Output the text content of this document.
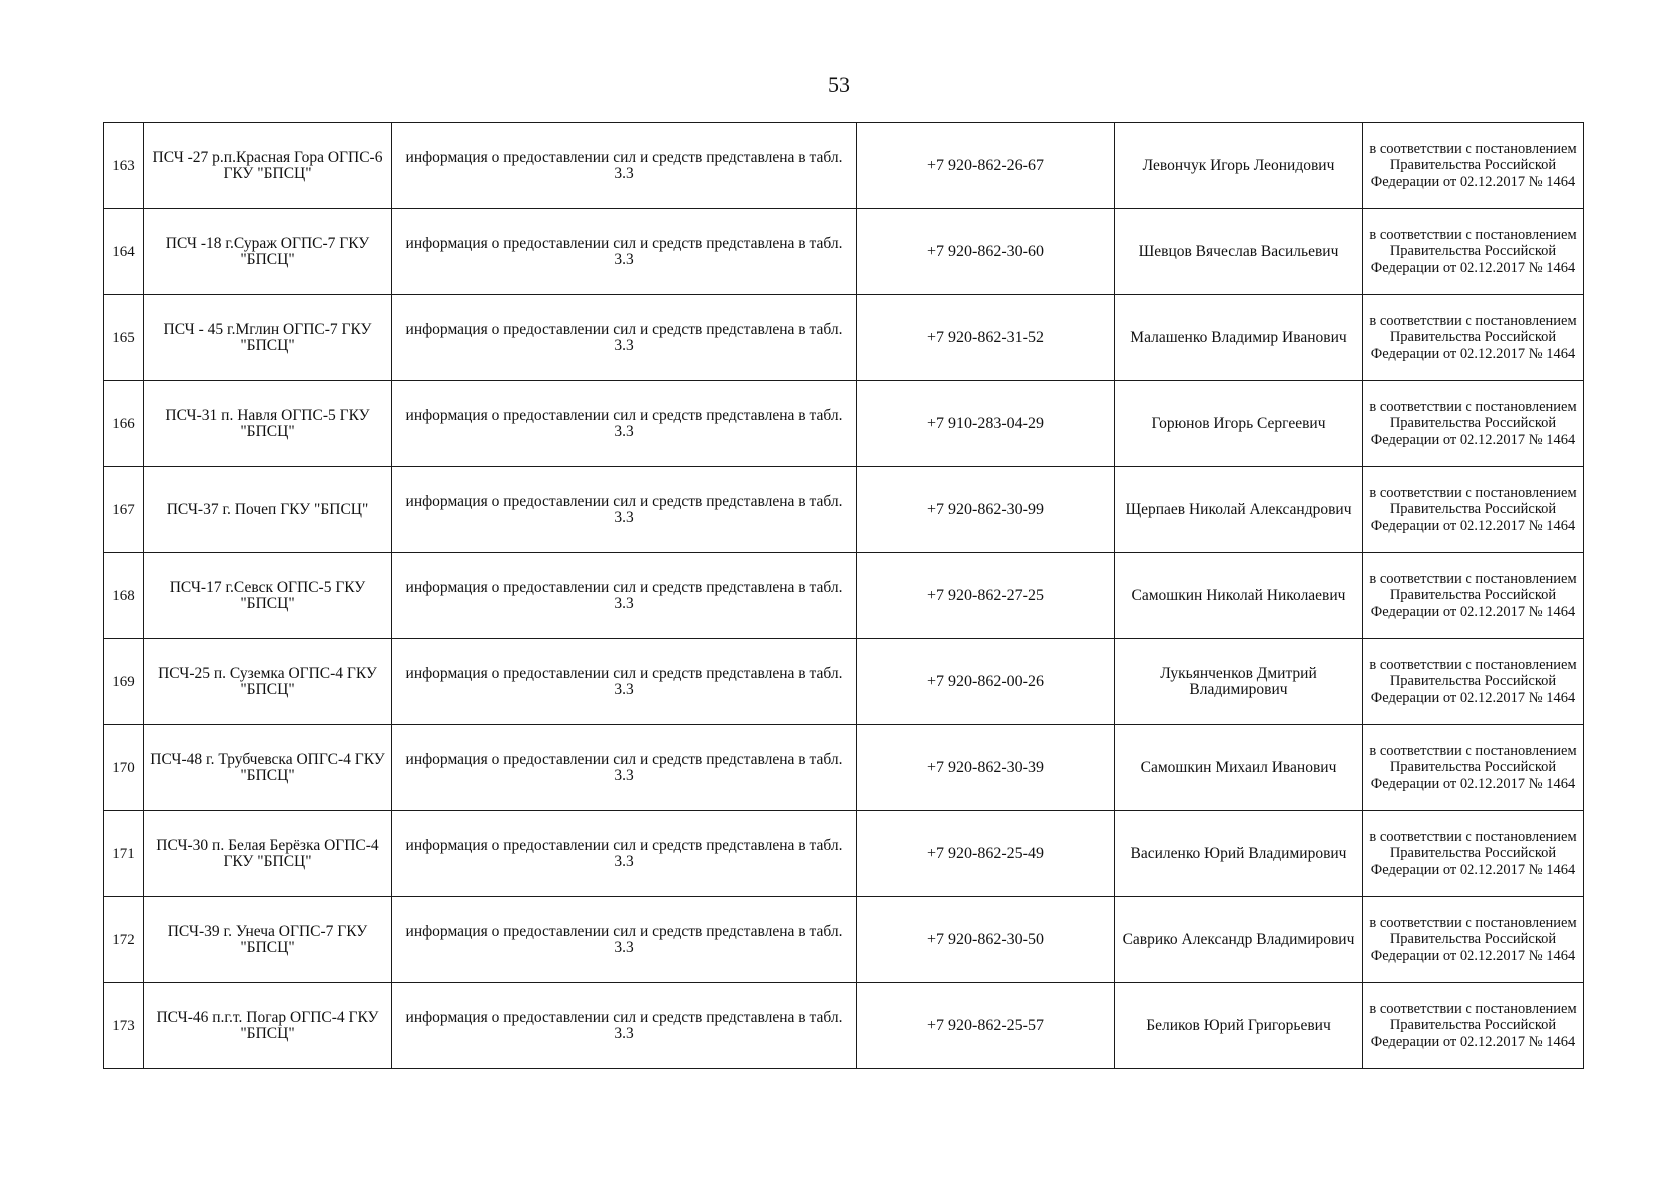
53
163	ПСЧ -27 р.п.Красная Гора ОГПС-6 ГКУ "БПСЦ"	информация о предоставлении сил и средств представлена в табл. 3.3	+7 920-862-26-67	Левончук Игорь Леонидович	в соответствии с постановлением Правительства Российской Федерации от 02.12.2017 № 1464
164	ПСЧ -18 г.Сураж ОГПС-7 ГКУ "БПСЦ"	информация о предоставлении сил и средств представлена в табл. 3.3	+7 920-862-30-60	Шевцов Вячеслав Васильевич	в соответствии с постановлением Правительства Российской Федерации от 02.12.2017 № 1464
165	ПСЧ - 45 г.Мглин ОГПС-7 ГКУ "БПСЦ"	информация о предоставлении сил и средств представлена в табл. 3.3	+7 920-862-31-52	Малашенко Владимир Иванович	в соответствии с постановлением Правительства Российской Федерации от 02.12.2017 № 1464
166	ПСЧ-31 п. Навля ОГПС-5 ГКУ "БПСЦ"	информация о предоставлении сил и средств представлена в табл. 3.3	+7 910-283-04-29	Горюнов Игорь Сергеевич	в соответствии с постановлением Правительства Российской Федерации от 02.12.2017 № 1464
167	ПСЧ-37 г. Почеп ГКУ "БПСЦ"	информация о предоставлении сил и средств представлена в табл. 3.3	+7 920-862-30-99	Щерпаев Николай Александрович	в соответствии с постановлением Правительства Российской Федерации от 02.12.2017 № 1464
168	ПСЧ-17 г.Севск ОГПС-5 ГКУ "БПСЦ"	информация о предоставлении сил и средств представлена в табл. 3.3	+7 920-862-27-25	Самошкин Николай Николаевич	в соответствии с постановлением Правительства Российской Федерации от 02.12.2017 № 1464
169	ПСЧ-25 п. Суземка ОГПС-4 ГКУ "БПСЦ"	информация о предоставлении сил и средств представлена в табл. 3.3	+7 920-862-00-26	Лукьянченков Дмитрий Владимирович	в соответствии с постановлением Правительства Российской Федерации от 02.12.2017 № 1464
170	ПСЧ-48 г. Трубчевска ОПГС-4 ГКУ "БПСЦ"	информация о предоставлении сил и средств представлена в табл. 3.3	+7 920-862-30-39	Самошкин Михаил Иванович	в соответствии с постановлением Правительства Российской Федерации от 02.12.2017 № 1464
171	ПСЧ-30 п. Белая Берёзка ОГПС-4 ГКУ "БПСЦ"	информация о предоставлении сил и средств представлена в табл. 3.3	+7 920-862-25-49	Василенко Юрий Владимирович	в соответствии с постановлением Правительства Российской Федерации от 02.12.2017 № 1464
172	ПСЧ-39 г. Унеча ОГПС-7 ГКУ "БПСЦ"	информация о предоставлении сил и средств представлена в табл. 3.3	+7 920-862-30-50	Саврико Александр Владимирович	в соответствии с постановлением Правительства Российской Федерации от 02.12.2017 № 1464
173	ПСЧ-46 п.г.т. Погар ОГПС-4 ГКУ "БПСЦ"	информация о предоставлении сил и средств представлена в табл. 3.3	+7 920-862-25-57	Беликов Юрий Григорьевич	в соответствии с постановлением Правительства Российской Федерации от 02.12.2017 № 1464
